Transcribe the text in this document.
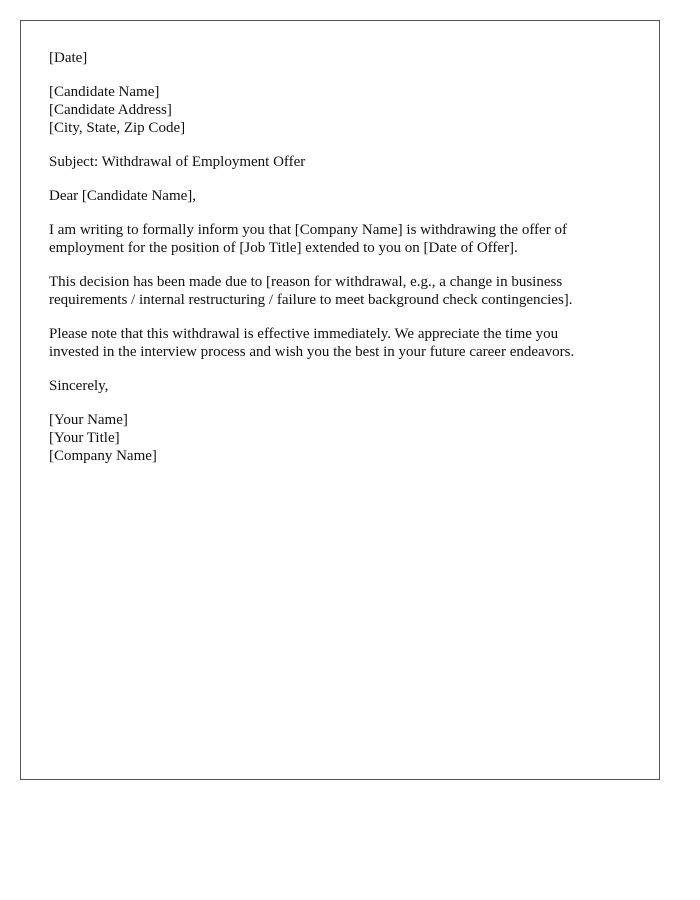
[Date]
[Candidate Name]
[Candidate Address]
[City, State, Zip Code]
Subject: Withdrawal of Employment Offer
Dear [Candidate Name],

I am writing to formally inform you that [Company Name] is withdrawing the offer of
employment for the position of [Job Title] extended to you on [Date of Offer].

This decision has been made due to [reason for withdrawal, e.g., a change in business
requirements / internal restructuring / failure to meet background check contingencies].

Please note that this withdrawal is effective immediately. We appreciate the time you
invested in the interview process and wish you the best in your future career endeavors.

Sincerely,
[Your Name]
[Your Title]
[Company Name]
